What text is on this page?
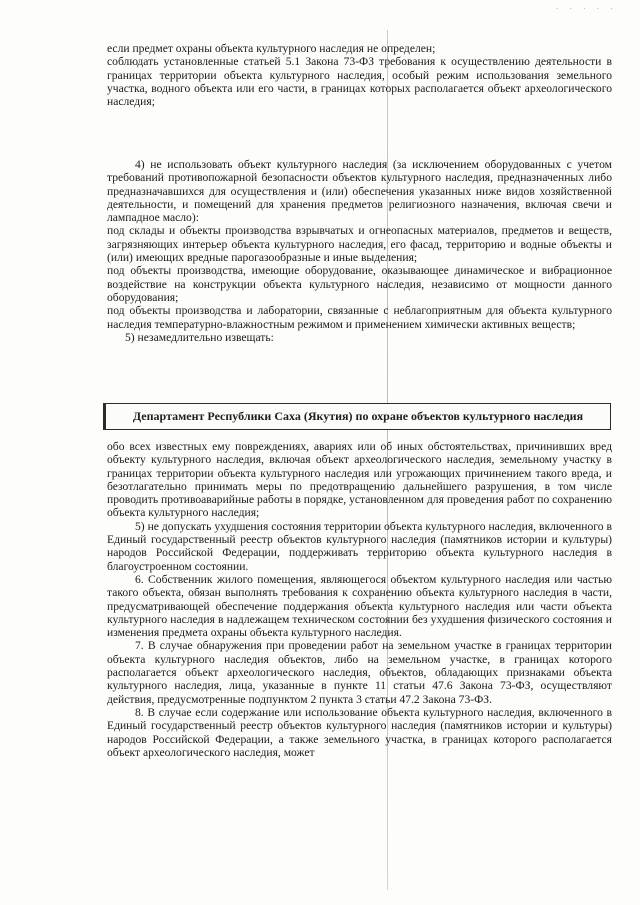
· · · · ·

если предмет охраны объекта культурного наследия не определен;

соблюдать установленные статьей 5.1 Закона 73-ФЗ требования к осуществлению деятельности в границах территории объекта культурного наследия, особый режим использования земельного участка, водного объекта или его части, в границах которых располагается объект археологического наследия;

4) не использовать объект культурного наследия (за исключением оборудованных с учетом требований противопожарной безопасности объектов культурного наследия, предназначенных либо предназначавшихся для осуществления и (или) обеспечения указанных ниже видов хозяйственной деятельности, и помещений для хранения предметов религиозного назначения, включая свечи и лампадное масло):

под склады и объекты производства взрывчатых и огнеопасных материалов, предметов и веществ, загрязняющих интерьер объекта культурного наследия, его фасад, территорию и водные объекты и (или) имеющих вредные парогазообразные и иные выделения;

под объекты производства, имеющие оборудование, оказывающее динамическое и вибрационное воздействие на конструкции объекта культурного наследия, независимо от мощности данного оборудования;

под объекты производства и лаборатории, связанные с неблагоприятным для объекта культурного наследия температурно-влажностным режимом и применением химически активных веществ;

5) незамедлительно извещать:

Департамент Республики Саха (Якутия) по охране объектов культурного наследия

обо всех известных ему повреждениях, авариях или об иных обстоятельствах, причинивших вред объекту культурного наследия, включая объект археологического наследия, земельному участку в границах территории объекта культурного наследия или угрожающих причинением такого вреда, и безотлагательно принимать меры по предотвращению дальнейшего разрушения, в том числе проводить противоаварийные работы в порядке, установленном для проведения работ по сохранению объекта культурного наследия;

5) не допускать ухудшения состояния территории объекта культурного наследия, включенного в Единый государственный реестр объектов культурного наследия (памятников истории и культуры) народов Российской Федерации, поддерживать территорию объекта культурного наследия в благоустроенном состоянии.

6. Собственник жилого помещения, являющегося объектом культурного наследия или частью такого объекта, обязан выполнять требования к сохранению объекта культурного наследия в части, предусматривающей обеспечение поддержания объекта культурного наследия или части объекта культурного наследия в надлежащем техническом состоянии без ухудшения физического состояния и изменения предмета охраны объекта культурного наследия.

7. В случае обнаружения при проведении работ на земельном участке в границах территории объекта культурного наследия объектов, либо на земельном участке, в границах которого располагается объект археологического наследия, объектов, обладающих признаками объекта культурного наследия, лица, указанные в пункте 11 статьи 47.6 Закона 73-ФЗ, осуществляют действия, предусмотренные подпунктом 2 пункта 3 статьи 47.2 Закона 73-ФЗ.

8. В случае если содержание или использование объекта культурного наследия, включенного в Единый государственный реестр объектов культурного наследия (памятников истории и культуры) народов Российской Федерации, а также земельного участка, в границах которого располагается объект археологического наследия, может
